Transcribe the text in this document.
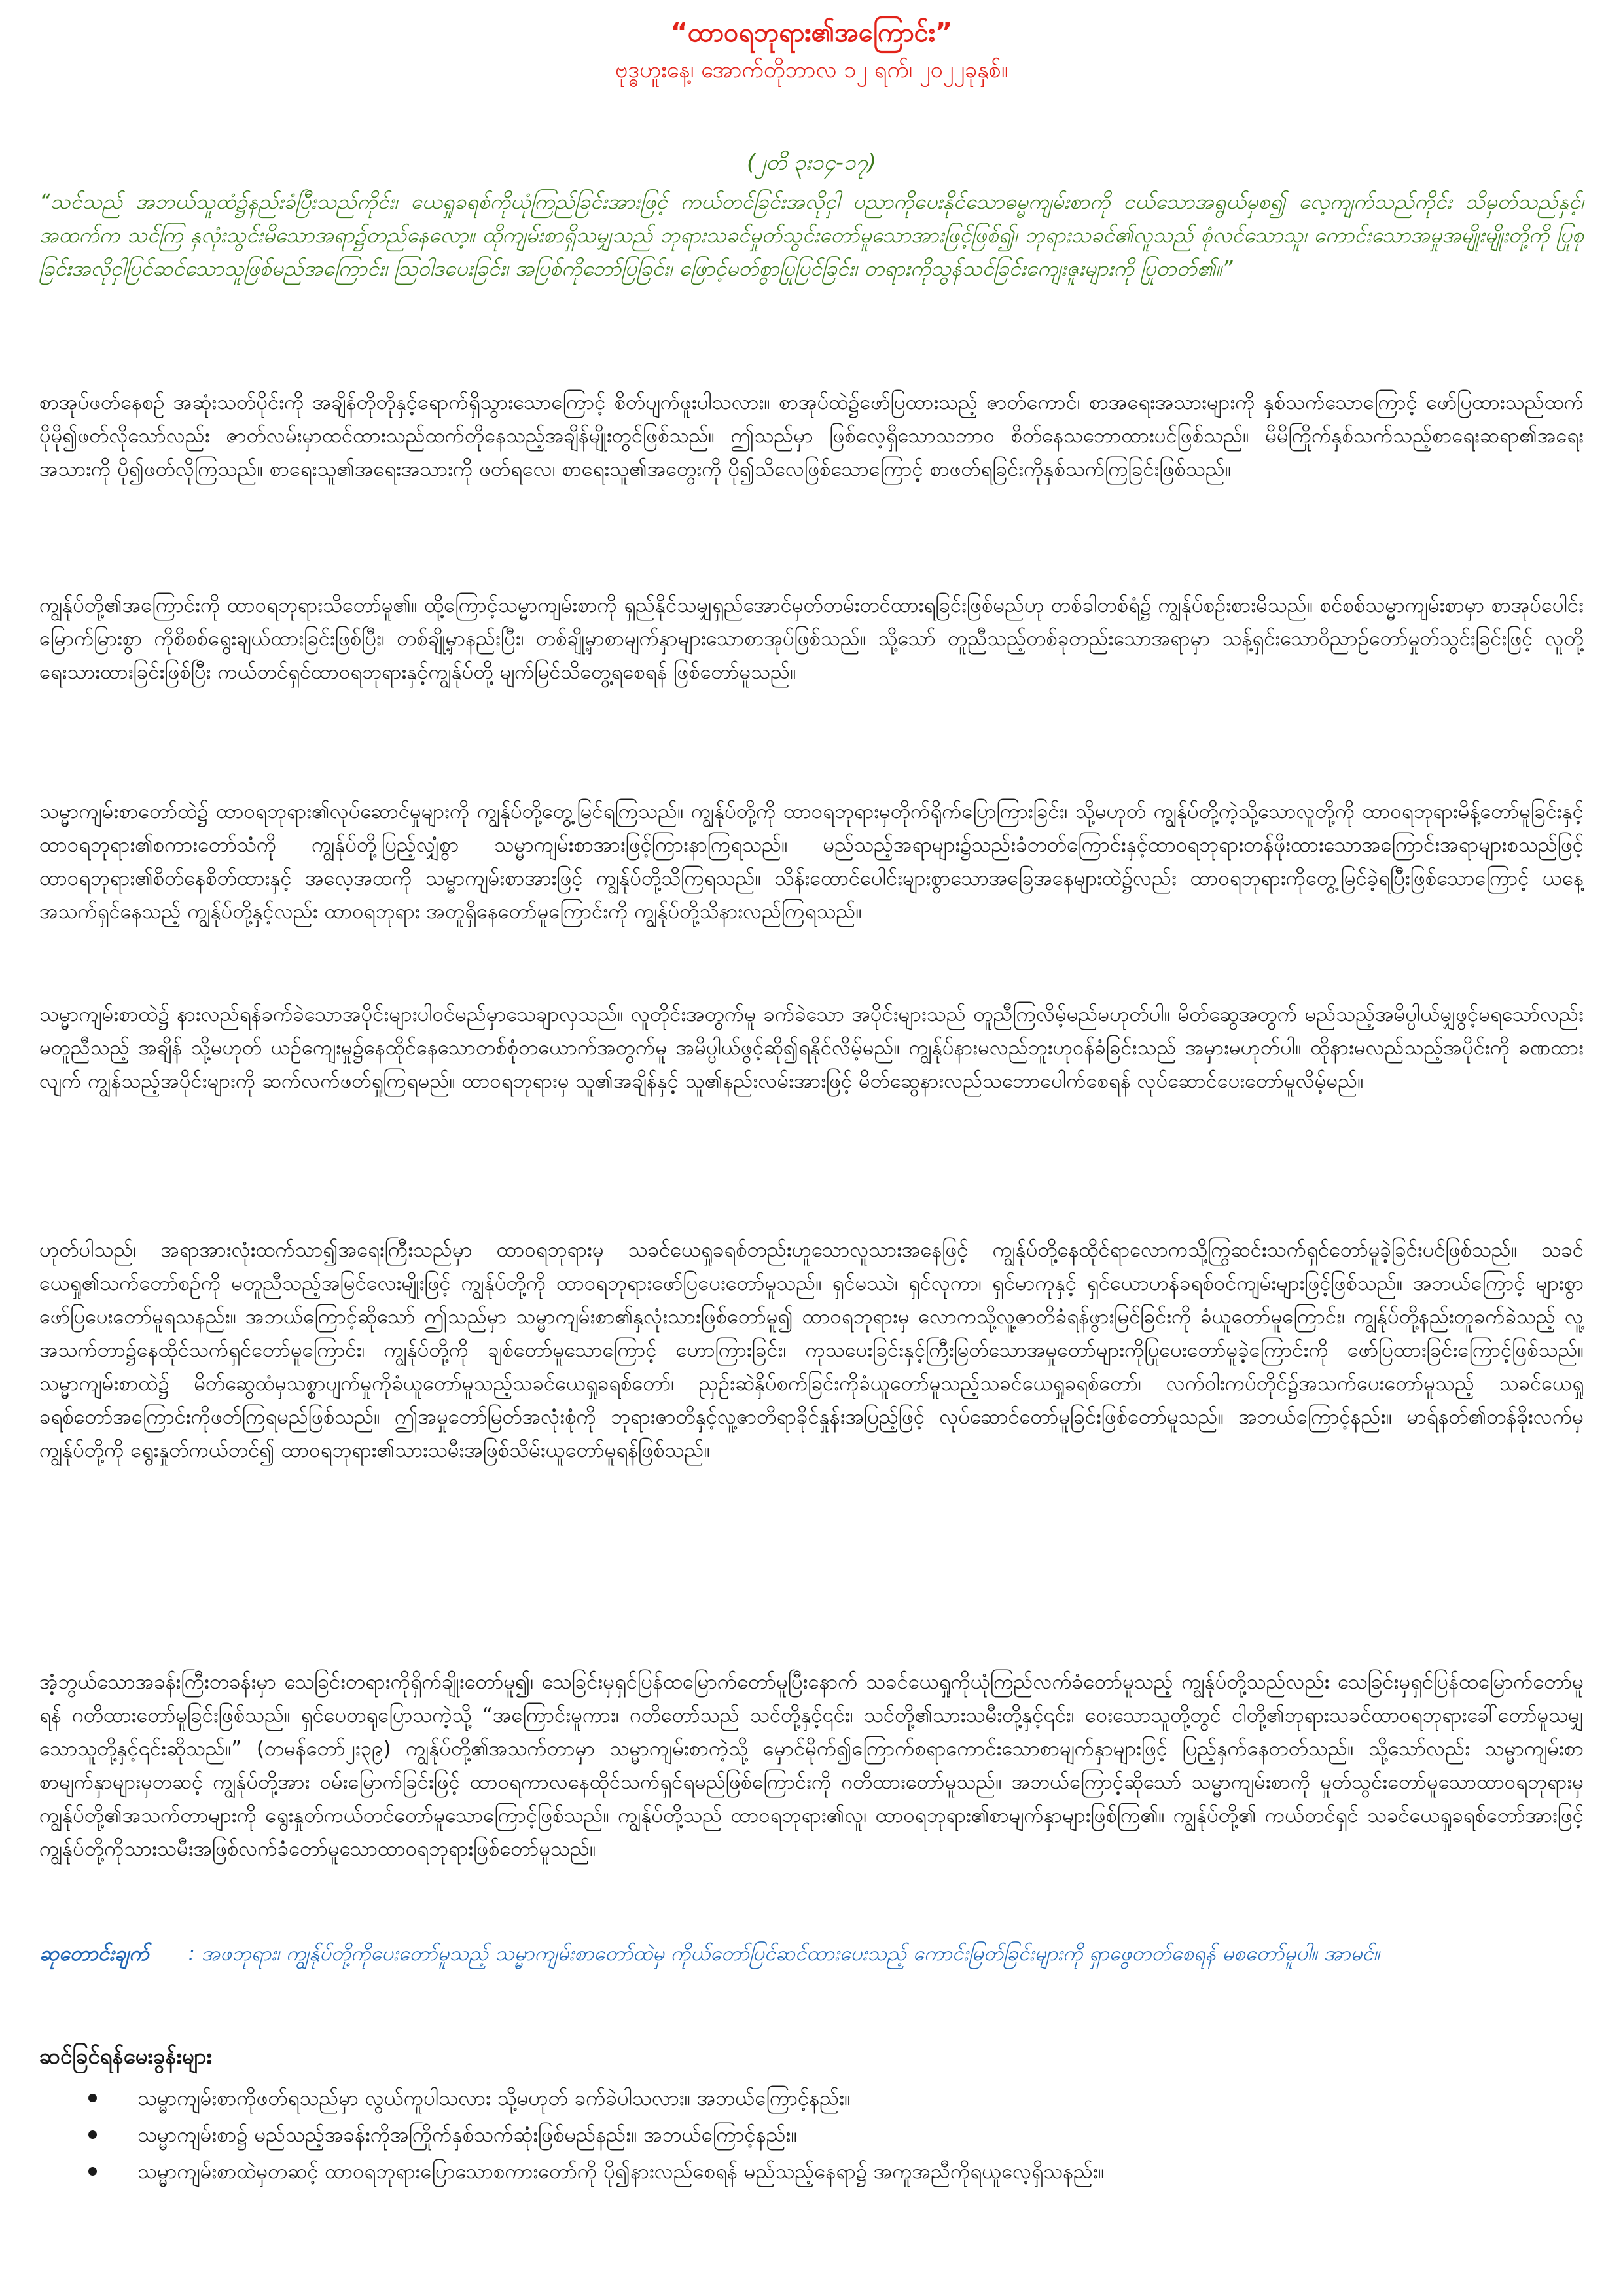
“ထာဝရဘုရား၏အကြောင်း”
ဗုဒ္ဓဟူးနေ့၊ အောက်တိုဘာလ ၁၂ ရက်၊ ၂၀၂၂ခုနှစ်။
(၂တိ ၃း၁၄-၁၇)
“သင်သည် အဘယ်သူထံ၌နည်းခံပြီးသည်ကိုင်း၊ ယေရှုခရစ်ကိုယုံကြည်ခြင်းအားဖြင့် ကယ်တင်ခြင်းအလိုငှါ ပညာကိုပေးနိုင်သောဓမ္မကျမ်းစာကို ငယ်သောအရွယ်မှစ၍ လေ့ကျက်သည်ကိုင်း သိမှတ်သည်နှင့်၊ အထက်က သင်ကြ နှလုံးသွင်းမိသောအရာ၌တည်နေလော့။ ထိုကျမ်းစာရှိသမျှသည် ဘုရားသခင်မှုတ်သွင်းတော်မူသောအားဖြင့်ဖြစ်၍၊ ဘုရားသခင်၏လူသည် စုံလင်သောသူ၊ ကောင်းသောအမှုအမျိုးမျိုးတို့ကို ပြုစုခြင်းအလိုငှါပြင်ဆင်သောသူဖြစ်မည်အကြောင်း၊ ဩဝါဒပေးခြင်း၊ အပြစ်ကိုဘော်ပြခြင်း၊ ဖြောင့်မတ်စွာပြုပြင်ခြင်း၊ တရားကိုသွန်သင်ခြင်းကျေးဇူးများကို ပြုတတ်၏။”
စာအုပ်ဖတ်နေစဉ် အဆုံးသတ်ပိုင်းကို အချိန်တိုတိုနှင့်ရောက်ရှိသွားသောကြောင့် စိတ်ပျက်ဖူးပါသလား။ စာအုပ်ထဲ၌ဖော်ပြထားသည့် ဇာတ်ကောင်၊ စာအရေးအသားများကို နှစ်သက်သောကြောင့် ဖော်ပြထားသည်ထက်ပိုမို၍ဖတ်လိုသော်လည်း ဇာတ်လမ်းမှာထင်ထားသည်ထက်တိုနေသည့်အချိန်မျိုးတွင်ဖြစ်သည်။ ဤသည်မှာ ဖြစ်လေ့ရှိသောသဘာဝ စိတ်နေသဘောထားပင်ဖြစ်သည်။ မိမိကြိုက်နှစ်သက်သည့်စာရေးဆရာ၏အရေးအသားကို ပို၍ဖတ်လိုကြသည်။ စာရေးသူ၏အရေးအသားကို ဖတ်ရလေ၊ စာရေးသူ၏အတွေးကို ပို၍သိလေဖြစ်သောကြောင့် စာဖတ်ရခြင်းကိုနှစ်သက်ကြခြင်းဖြစ်သည်။
ကျွန်ုပ်တို့၏အကြောင်းကို ထာဝရဘုရားသိတော်မူ၏။ ထို့ကြောင့်သမ္မာကျမ်းစာကို ရှည်နိုင်သမျှရှည်အောင်မှတ်တမ်းတင်ထားရခြင်းဖြစ်မည်ဟု တစ်ခါတစ်ရံ၌ ကျွန်ုပ်စဉ်းစားမိသည်။ စင်စစ်သမ္မာကျမ်းစာမှာ စာအုပ်ပေါင်းမြောက်မြားစွာ ကိုစိစစ်ရွေးချယ်ထားခြင်းဖြစ်ပြီး၊ တစ်ချို့မှာနည်းပြီး၊ တစ်ချို့မှာစာမျက်နှာများသောစာအုပ်ဖြစ်သည်။ သို့သော် တူညီသည့်တစ်ခုတည်းသောအရာမှာ သန့်ရှင်းသောဝိညာဉ်တော်မှုတ်သွင်းခြင်းဖြင့် လူတို့ရေးသားထားခြင်းဖြစ်ပြီး ကယ်တင်ရှင်ထာဝရဘုရားနှင့်ကျွန်ုပ်တို့ မျက်မြင်သိတွေ့ရစေရန် ဖြစ်တော်မူသည်။
သမ္မာကျမ်းစာတော်ထဲ၌ ထာဝရဘုရား၏လုပ်ဆောင်မှုများကို ကျွန်ုပ်တို့တွေ့မြင်ရကြသည်။ ကျွန်ုပ်တို့ကို ထာဝရဘုရားမှတိုက်ရိုက်ပြောကြားခြင်း၊ သို့မဟုတ် ကျွန်ုပ်တို့ကဲ့သို့သောလူတို့ကို ထာဝရဘုရားမိန့်တော်မူခြင်းနှင့် ထာဝရဘုရား၏စကားတော်သံကို ကျွန်ုပ်တို့ပြည့်လျှံစွာ သမ္မာကျမ်းစာအားဖြင့်ကြားနာကြရသည်။ မည်သည့်အရာများ၌သည်းခံတတ်ကြောင်းနှင့်ထာဝရဘုရားတန်ဖိုးထားသောအကြောင်းအရာများစသည်ဖြင့် ထာဝရဘုရား၏စိတ်နေစိတ်ထားနှင့် အလေ့အထကို သမ္မာကျမ်းစာအားဖြင့် ကျွန်ုပ်တို့သိကြရသည်။ သိန်းထောင်ပေါင်းများစွာသောအခြေအနေများထဲ၌လည်း ထာဝရဘုရားကိုတွေ့မြင်ခဲ့ရပြီးဖြစ်သောကြောင့် ယနေ့အသက်ရှင်နေသည့် ကျွန်ုပ်တို့နှင့်လည်း ထာဝရဘုရား အတူရှိနေတော်မူကြောင်းကို ကျွန်ုပ်တို့သိနားလည်ကြရသည်။
သမ္မာကျမ်းစာထဲ၌ နားလည်ရန်ခက်ခဲသောအပိုင်းများပါဝင်မည်မှာသေချာလှသည်။ လူတိုင်းအတွက်မူ ခက်ခဲသော အပိုင်းများသည် တူညီကြလိမ့်မည်မဟုတ်ပါ။ မိတ်ဆွေအတွက် မည်သည့်အမိပ္ပါယ်မျှဖွင့်မရသော်လည်း မတူညီသည့် အချိန် သို့မဟုတ် ယဉ်ကျေးမှု၌နေထိုင်နေသောတစ်စုံတယောက်အတွက်မူ အမိပ္ပါယ်ဖွင့်ဆို၍ရနိုင်လိမ့်မည်။ ကျွန်ုပ်နားမလည်ဘူးဟုဝန်ခံခြင်းသည် အမှားမဟုတ်ပါ။ ထိုနားမလည်သည့်အပိုင်းကို ခဏထားလျက် ကျွန်သည့်အပိုင်းများကို ဆက်လက်ဖတ်ရှုကြရမည်။ ထာဝရဘုရားမှ သူ၏အချိန်နှင့် သူ၏နည်းလမ်းအားဖြင့် မိတ်ဆွေနားလည်သဘောပေါက်စေရန် လုပ်ဆောင်ပေးတော်မူလိမ့်မည်။
ဟုတ်ပါသည်၊ အရာအားလုံးထက်သာ၍အရေးကြီးသည်မှာ ထာဝရဘုရားမှ သခင်ယေရှုခရစ်တည်းဟူသောလူသားအနေဖြင့် ကျွန်ုပ်တို့နေထိုင်ရာလောကသို့ကြွဆင်းသက်ရှင်တော်မူခဲ့ခြင်းပင်ဖြစ်သည်။ သခင်ယေရှု၏သက်တော်စဉ်ကို မတူညီသည့်အမြင်လေးမျိုးဖြင့် ကျွန်ုပ်တို့ကို ထာဝရဘုရားဖော်ပြပေးတော်မူသည်။ ရှင်မဿဲ၊ ရှင်လုကာ၊ ရှင်မာကုနှင့် ရှင်ယောဟန်ခရစ်ဝင်ကျမ်းများဖြင့်ဖြစ်သည်။ အဘယ်ကြောင့် များစွာဖော်ပြပေးတော်မူရသနည်း။ အဘယ်ကြောင့်ဆိုသော် ဤသည်မှာ သမ္မာကျမ်းစာ၏နှလုံးသားဖြစ်တော်မူ၍ ထာဝရဘုရားမှ လောကသို့လူ့ဇာတိခံရန်ဖွားမြင်ခြင်းကို ခံယူတော်မူကြောင်း၊ ကျွန်ုပ်တို့နည်းတူခက်ခဲသည့် လူ့အသက်တာ၌နေထိုင်သက်ရှင်တော်မူကြောင်း၊ ကျွန်ုပ်တို့ကို ချစ်တော်မူသောကြောင့် ဟောကြားခြင်း၊ ကုသပေးခြင်းနှင့်ကြီးမြတ်သောအမှုတော်များကိုပြုပေးတော်မူခဲ့ကြောင်းကို ဖော်ပြထားခြင်းကြောင့်ဖြစ်သည်။ သမ္မာကျမ်းစာထဲ၌ မိတ်ဆွေထံမှသစ္စာပျက်မှုကိုခံယူတော်မူသည့်သခင်ယေရှုခရစ်တော်၊ ညှဉ်းဆဲနှိပ်စက်ခြင်းကိုခံယူတော်မူသည့်သခင်ယေရှုခရစ်တော်၊ လက်ဝါးကပ်တိုင်၌အသက်ပေးတော်မူသည့် သခင်ယေရှုခရစ်တော်အကြောင်းကိုဖတ်ကြရမည်ဖြစ်သည်။ ဤအမှုတော်မြတ်အလုံးစုံကို ဘုရားဇာတိနှင့်လူ့ဇာတိရာခိုင်နှုန်းအပြည့်ဖြင့် လုပ်ဆောင်တော်မူခြင်းဖြစ်တော်မူသည်။ အဘယ်ကြောင့်နည်း။ မာရ်နတ်၏တန်ခိုးလက်မှ ကျွန်ုပ်တို့ကို ရွေးနှုတ်ကယ်တင်၍ ထာဝရဘုရား၏သားသမီးအဖြစ်သိမ်းယူတော်မူရန်ဖြစ်သည်။
အံ့ဘွယ်သောအခန်းကြီးတခန်းမှာ သေခြင်းတရားကိုရှိက်ချိုးတော်မူ၍၊ သေခြင်းမှရှင်ပြန်ထမြောက်တော်မူပြီးနောက် သခင်ယေရှုကိုယုံကြည်လက်ခံတော်မူသည့် ကျွန်ုပ်တို့သည်လည်း သေခြင်းမှရှင်ပြန်ထမြောက်တော်မူရန် ဂတိထားတော်မူခြင်းဖြစ်သည်။ ရှင်ပေတရုပြောသကဲ့သို့ “အကြောင်းမူကား၊ ဂတိတော်သည် သင်တို့နှင့်၎င်း၊ သင်တို့၏သားသမီးတို့နှင့်၎င်း၊ ဝေးသောသူတို့တွင် ငါတို့၏ဘုရားသခင်ထာဝရဘုရားခေါ်တော်မူသမျှသောသူတို့နှင့်၎င်းဆိုသည်။” (တမန်တော်၂း၃၉) ကျွန်ုပ်တို့၏အသက်တာမှာ သမ္မာကျမ်းစာကဲ့သို့ မှောင်မိုက်၍ကြောက်စရာကောင်းသောစာမျက်နှာများဖြင့် ပြည့်နှက်နေတတ်သည်။ သို့သော်လည်း သမ္မာကျမ်းစာ စာမျက်နှာများမှတဆင့် ကျွန်ုပ်တို့အား ဝမ်းမြောက်ခြင်းဖြင့် ထာဝရကာလနေထိုင်သက်ရှင်ရမည်ဖြစ်ကြောင်းကို ဂတိထားတော်မူသည်။ အဘယ်ကြောင့်ဆိုသော် သမ္မာကျမ်းစာကို မှုတ်သွင်းတော်မူသောထာဝရဘုရားမှ ကျွန်ုပ်တို့၏အသက်တာများကို ရွေးနှုတ်ကယ်တင်တော်မူသောကြောင့်ဖြစ်သည်။ ကျွန်ုပ်တို့သည် ထာဝရဘုရား၏လူ၊ ထာဝရဘုရား၏စာမျက်နှာများဖြစ်ကြ၏။ ကျွန်ုပ်တို့၏ ကယ်တင်ရှင် သခင်ယေရှုခရစ်တော်အားဖြင့် ကျွန်ုပ်တို့ကိုသားသမီးအဖြစ်လက်ခံတော်မူသောထာဝရဘုရားဖြစ်တော်မူသည်။
ဆုတောင်းချက် : အဖဘုရား၊ ကျွန်ုပ်တို့ကိုပေးတော်မူသည့် သမ္မာကျမ်းစာတော်ထဲမှ ကိုယ်တော်ပြင်ဆင်ထားပေးသည့် ကောင်းမြတ်ခြင်းများကို ရှာဖွေတတ်စေရန် မစတော်မူပါ။ အာမင်။
ဆင်ခြင်ရန်မေးခွန်းများ
သမ္မာကျမ်းစာကိုဖတ်ရသည်မှာ လွယ်ကူပါသလား သို့မဟုတ် ခက်ခဲပါသလား။ အဘယ်ကြောင့်နည်း။
သမ္မာကျမ်းစာ၌ မည်သည့်အခန်းကိုအကြိုက်နှစ်သက်ဆုံးဖြစ်မည်နည်း။ အဘယ်ကြောင့်နည်း။
သမ္မာကျမ်းစာထဲမှတဆင့် ထာဝရဘုရားပြောသောစကားတော်ကို ပို၍နားလည်စေရန် မည်သည့်နေရာ၌ အကူအညီကိုရယူလေ့ရှိသနည်း။
